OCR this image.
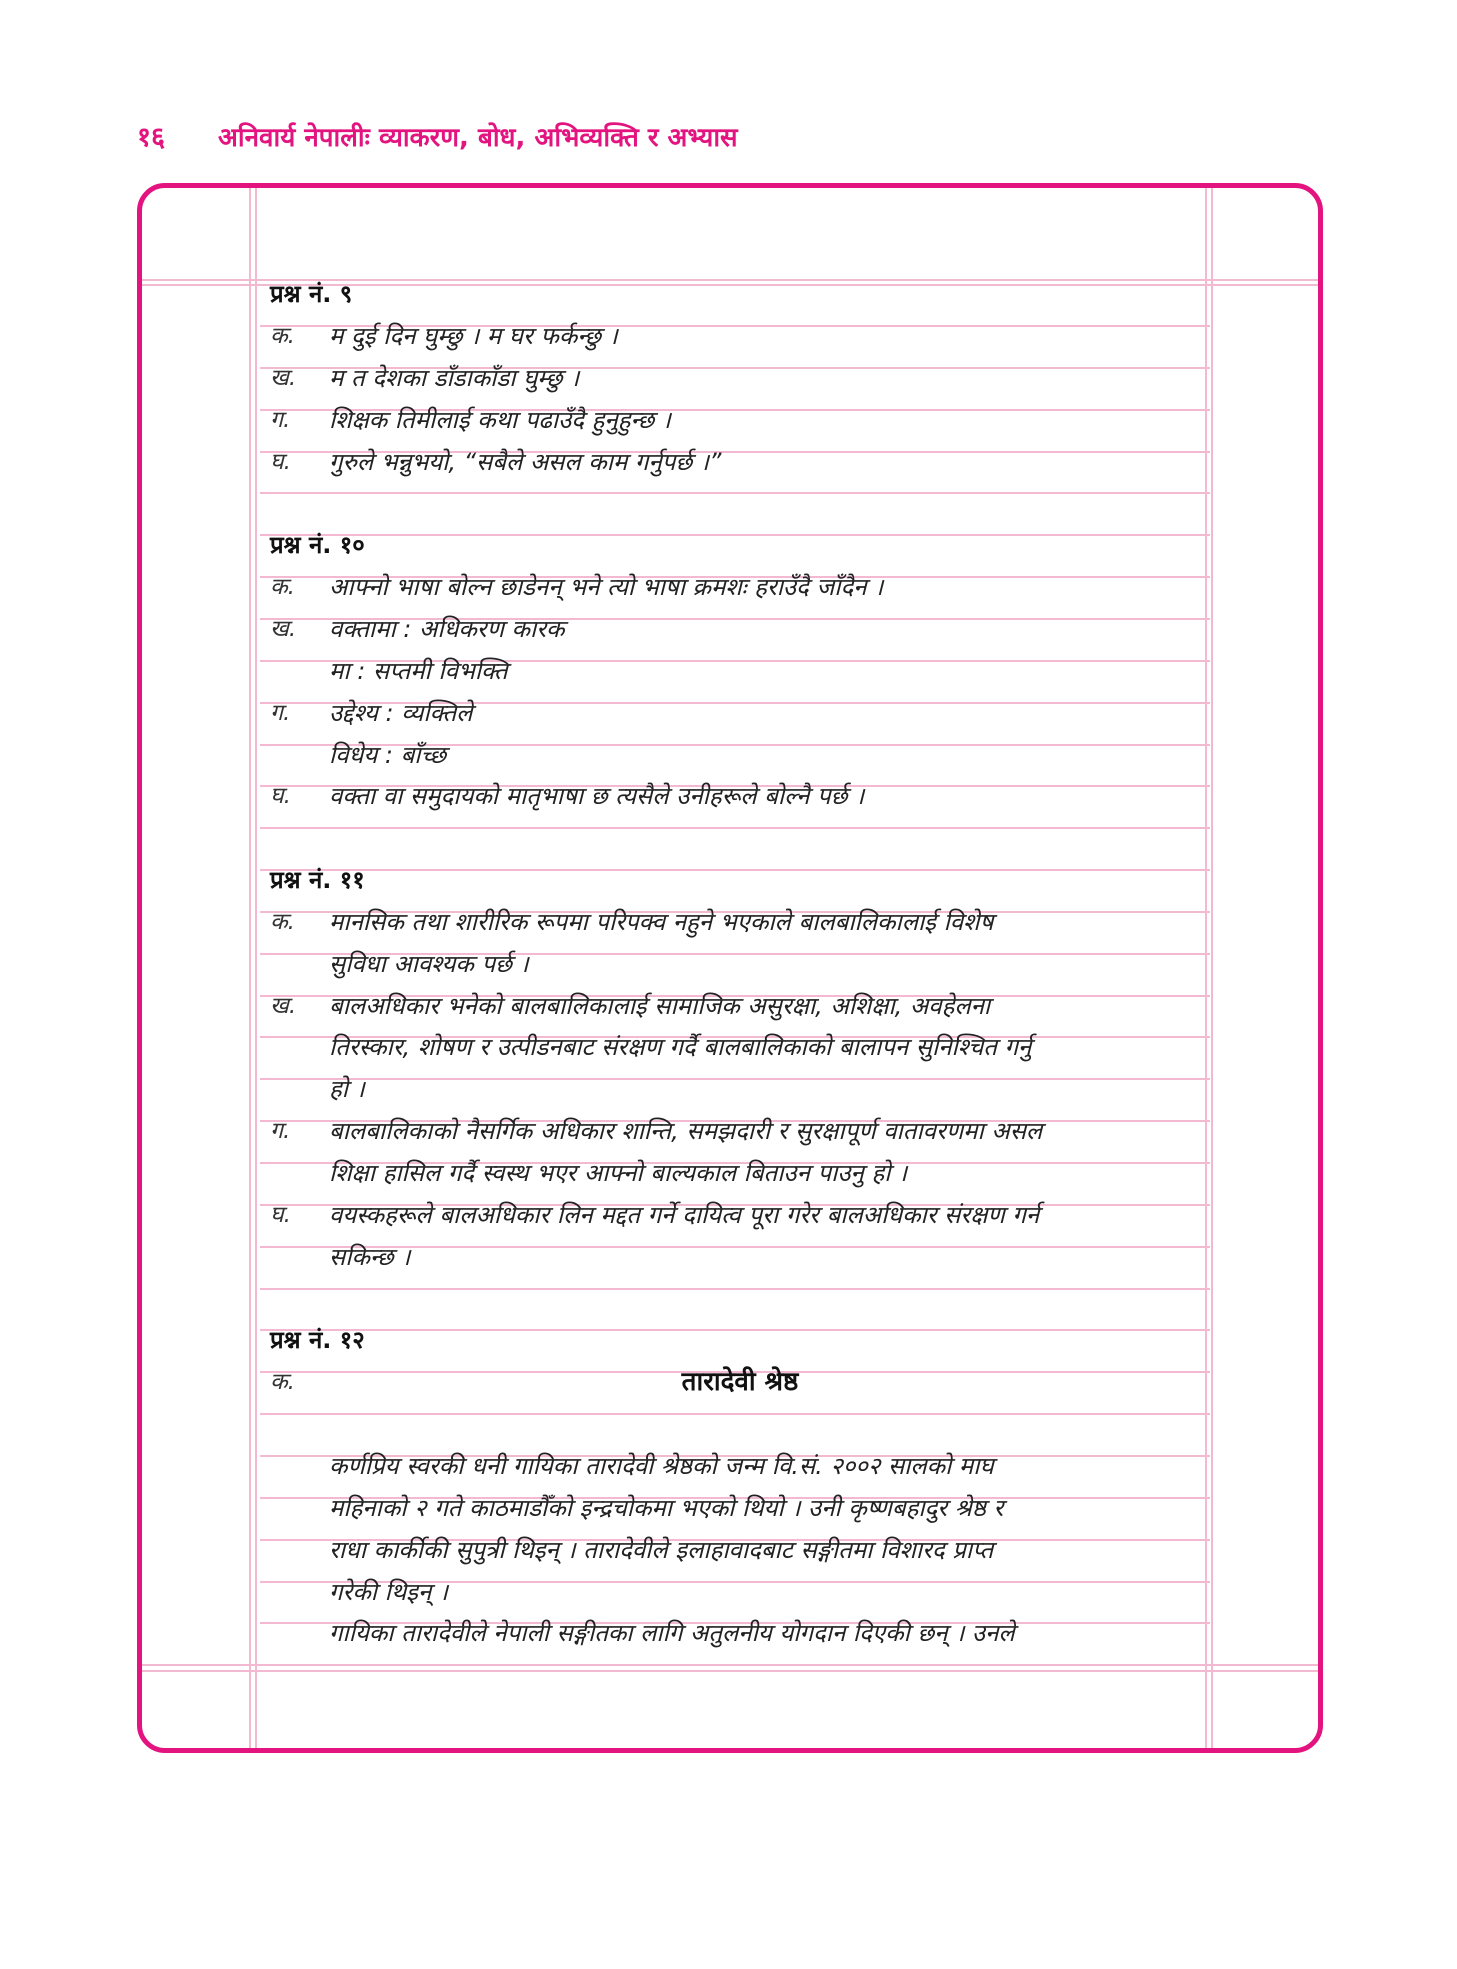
१६ अनिवार्य नेपालीः व्याकरण, बोध, अभिव्यक्ति र अभ्यास
प्रश्न नं. ९
क. म दुई दिन घुम्छु । म घर फर्कन्छु ।
ख. म त देशका डाँडाकाँडा घुम्छु ।
ग. शिक्षक तिमीलाई कथा पढाउँदै हुनुहुन्छ ।
घ. गुरुले भन्नुभयो, “सबैले असल काम गर्नुपर्छ ।”
प्रश्न नं. १०
क. आफ्नो भाषा बोल्न छाडेनन् भने त्यो भाषा क्रमशः हराउँदै जाँदैन ।
ख. वक्तामा : अधिकरण कारक
मा : सप्तमी विभक्ति
ग. उद्देश्य : व्यक्तिले
विधेय : बाँच्छ
घ. वक्ता वा समुदायको मातृभाषा छ त्यसैले उनीहरूले बोल्नै पर्छ ।
प्रश्न नं. ११
क. मानसिक तथा शारीरिक रूपमा परिपक्व नहुने भएकाले बालबालिकालाई विशेष
सुविधा आवश्यक पर्छ ।
ख. बालअधिकार भनेको बालबालिकालाई सामाजिक असुरक्षा, अशिक्षा, अवहेलना
तिरस्कार, शोषण र उत्पीडनबाट संरक्षण गर्दै बालबालिकाको बालापन सुनिश्चित गर्नु
हो ।
ग. बालबालिकाको नैसर्गिक अधिकार शान्ति, समझदारी र सुरक्षापूर्ण वातावरणमा असल
शिक्षा हासिल गर्दै स्वस्थ भएर आफ्नो बाल्यकाल बिताउन पाउनु हो ।
घ. वयस्कहरूले बालअधिकार लिन मद्दत गर्ने दायित्व पूरा गरेर बालअधिकार संरक्षण गर्न
सकिन्छ ।
प्रश्न नं. १२
क.	तारादेवी श्रेष्ठ
कर्णप्रिय स्वरकी धनी गायिका तारादेवी श्रेष्ठको जन्म वि.सं. २००२ सालको माघ
महिनाको २ गते काठमाडौँको इन्द्रचोकमा भएको थियो । उनी कृष्णबहादुर श्रेष्ठ र
राधा कार्कीकी सुपुत्री थिइन् । तारादेवीले इलाहावादबाट सङ्गीतमा विशारद प्राप्त
गरेकी थिइन् ।
गायिका तारादेवीले नेपाली सङ्गीतका लागि अतुलनीय योगदान दिएकी छन् । उनले
